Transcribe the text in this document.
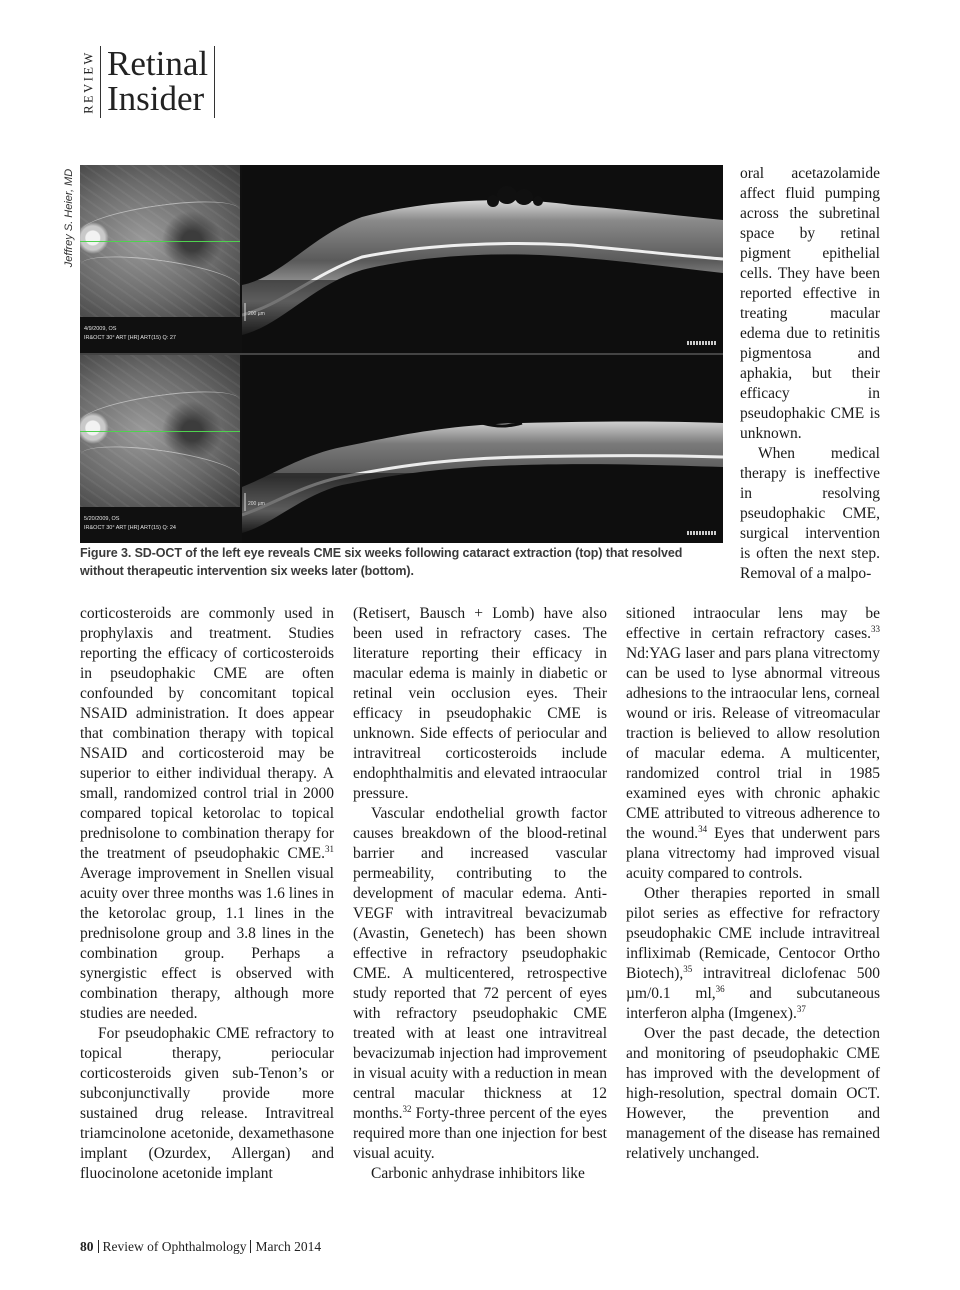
REVIEW Retinal
Insider
Jeffrey S. Heier, MD
200 µm
4/9/2009, OS
IR&OCT 30° ART [HR] ART(15) Q: 27
200 µm
5/20/2009, OS
IR&OCT 30° ART [HR] ART(15) Q: 24
Figure 3. SD-OCT of the left eye reveals CME six weeks following cataract extraction (top) that resolved without therapeutic intervention six weeks later (bottom).

oral acetazolamide affect fluid pumping across the subretinal space by retinal pigment epithelial cells. They have been reported effective in treating macular edema due to retinitis pigmentosa and aphakia, but their efficacy in pseudophakic CME is unknown.

When medical therapy is ineffective in resolving pseudophakic CME, surgical intervention is often the next step. Removal of a malpo-

corticosteroids are commonly used in prophylaxis and treatment. Studies reporting the efficacy of corticosteroids in pseudophakic CME are often confounded by concomitant topical NSAID administration. It does appear that combination therapy with topical NSAID and corticosteroid may be superior to either individual therapy. A small, randomized control trial in 2000 compared topical ketorolac to topical prednisolone to combination therapy for the treatment of pseudophakic CME.$^{31}$ Average improvement in Snellen visual acuity over three months was 1.6 lines in the ketorolac group, 1.1 lines in the prednisolone group and 3.8 lines in the combination group. Perhaps a synergistic effect is observed with combination therapy, although more studies are needed.

For pseudophakic CME refractory to topical therapy, periocular corticosteroids given sub-Tenon’s or subconjunctivally provide more sustained drug release. Intravitreal triamcinolone acetonide, dexamethasone implant (Ozurdex, Allergan) and fluocinolone acetonide implant

(Retisert, Bausch + Lomb) have also been used in refractory cases. The literature reporting their efficacy in macular edema is mainly in diabetic or retinal vein occlusion eyes. Their efficacy in pseudophakic CME is unknown. Side effects of periocular and intravitreal corticosteroids include endophthalmitis and elevated intraocular pressure.

Vascular endothelial growth factor causes breakdown of the blood-retinal barrier and increased vascular permeability, contributing to the development of macular edema. Anti-VEGF with intravitreal bevacizumab (Avastin, Genetech) has been shown effective in refractory pseudophakic CME. A multicentered, retrospective study reported that 72 percent of eyes with refractory pseudophakic CME treated with at least one intravitreal bevacizumab injection had improvement in visual acuity with a reduction in mean central macular thickness at 12 months.$^{32}$ Forty-three percent of the eyes required more than one injection for best visual acuity.

Carbonic anhydrase inhibitors like

sitioned intraocular lens may be effective in certain refractory cases.$^{33}$ Nd:YAG laser and pars plana vitrectomy can be used to lyse abnormal vitreous adhesions to the intraocular lens, corneal wound or iris. Release of vitreomacular traction is believed to allow resolution of macular edema. A multicenter, randomized control trial in 1985 examined eyes with chronic aphakic CME attributed to vitreous adherence to the wound.$^{34}$ Eyes that underwent pars plana vitrectomy had improved visual acuity compared to controls.

Other therapies reported in small pilot series as effective for refractory pseudophakic CME include intravitreal infliximab (Remicade, Centocor Ortho Biotech),$^{35}$ intravitreal diclofenac 500 µm/0.1 ml,$^{36}$ and subcutaneous interferon alpha (Imgenex).$^{37}$

Over the past decade, the detection and monitoring of pseudophakic CME has improved with the development of high-resolution, spectral domain OCT. However, the prevention and management of the disease has remained relatively unchanged.

80 Review of Ophthalmology March 2014
